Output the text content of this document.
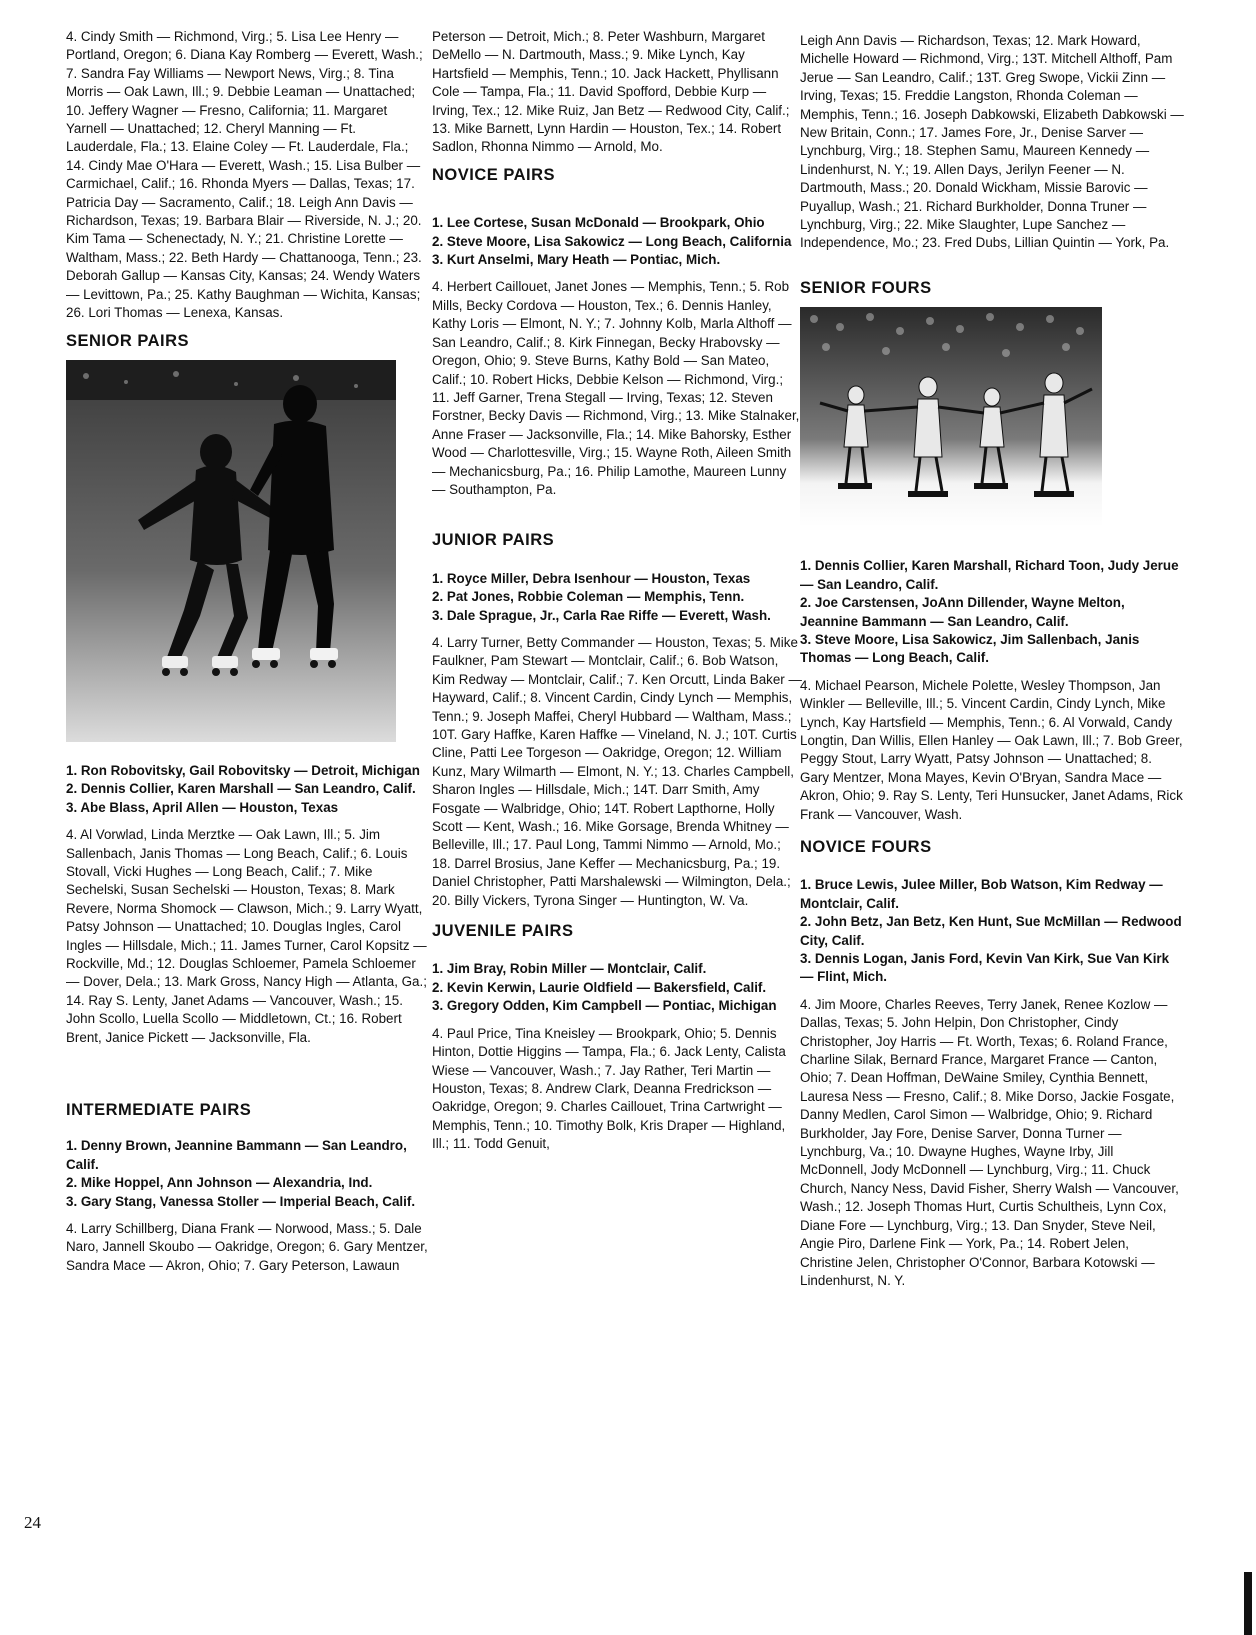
4. Cindy Smith — Richmond, Virg.; 5. Lisa Lee Henry — Portland, Oregon; 6. Diana Kay Romberg — Everett, Wash.; 7. Sandra Fay Williams — Newport News, Virg.; 8. Tina Morris — Oak Lawn, Ill.; 9. Debbie Leaman — Unattached; 10. Jeffery Wagner — Fresno, California; 11. Margaret Yarnell — Unattached; 12. Cheryl Manning — Ft. Lauderdale, Fla.; 13. Elaine Coley — Ft. Lauderdale, Fla.; 14. Cindy Mae O'Hara — Everett, Wash.; 15. Lisa Bulber — Carmichael, Calif.; 16. Rhonda Myers — Dallas, Texas; 17. Patricia Day — Sacramento, Calif.; 18. Leigh Ann Davis — Richardson, Texas; 19. Barbara Blair — Riverside, N. J.; 20. Kim Tama — Schenectady, N. Y.; 21. Christine Lorette — Waltham, Mass.; 22. Beth Hardy — Chattanooga, Tenn.; 23. Deborah Gallup — Kansas City, Kansas; 24. Wendy Waters — Levittown, Pa.; 25. Kathy Baughman — Wichita, Kansas; 26. Lori Thomas — Lenexa, Kansas.

SENIOR PAIRS

1. Ron Robovitsky, Gail Robovitsky — Detroit, Michigan

2. Dennis Collier, Karen Marshall — San Leandro, Calif.

3. Abe Blass, April Allen — Houston, Texas

4. Al Vorwlad, Linda Merztke — Oak Lawn, Ill.; 5. Jim Sallenbach, Janis Thomas — Long Beach, Calif.; 6. Louis Stovall, Vicki Hughes — Long Beach, Calif.; 7. Mike Sechelski, Susan Sechelski — Houston, Texas; 8. Mark Revere, Norma Shomock — Clawson, Mich.; 9. Larry Wyatt, Patsy Johnson — Unattached; 10. Douglas Ingles, Carol Ingles — Hillsdale, Mich.; 11. James Turner, Carol Kopsitz — Rockville, Md.; 12. Douglas Schloemer, Pamela Schloemer — Dover, Dela.; 13. Mark Gross, Nancy High — Atlanta, Ga.; 14. Ray S. Lenty, Janet Adams — Vancouver, Wash.; 15. John Scollo, Luella Scollo — Middletown, Ct.; 16. Robert Brent, Janice Pickett — Jacksonville, Fla.

INTERMEDIATE PAIRS

1. Denny Brown, Jeannine Bammann — San Leandro, Calif.

2. Mike Hoppel, Ann Johnson — Alexandria, Ind.

3. Gary Stang, Vanessa Stoller — Imperial Beach, Calif.

4. Larry Schillberg, Diana Frank — Norwood, Mass.; 5. Dale Naro, Jannell Skoubo — Oakridge, Oregon; 6. Gary Mentzer, Sandra Mace — Akron, Ohio; 7. Gary Peterson, Lawaun

Peterson — Detroit, Mich.; 8. Peter Washburn, Margaret DeMello — N. Dartmouth, Mass.; 9. Mike Lynch, Kay Hartsfield — Memphis, Tenn.; 10. Jack Hackett, Phyllisann Cole — Tampa, Fla.; 11. David Spofford, Debbie Kurp — Irving, Tex.; 12. Mike Ruiz, Jan Betz — Redwood City, Calif.; 13. Mike Barnett, Lynn Hardin — Houston, Tex.; 14. Robert Sadlon, Rhonna Nimmo — Arnold, Mo.

NOVICE PAIRS

1. Lee Cortese, Susan McDonald — Brookpark, Ohio

2. Steve Moore, Lisa Sakowicz — Long Beach, California

3. Kurt Anselmi, Mary Heath — Pontiac, Mich.

4. Herbert Caillouet, Janet Jones — Memphis, Tenn.; 5. Rob Mills, Becky Cordova — Houston, Tex.; 6. Dennis Hanley, Kathy Loris — Elmont, N. Y.; 7. Johnny Kolb, Marla Althoff — San Leandro, Calif.; 8. Kirk Finnegan, Becky Hrabovsky — Oregon, Ohio; 9. Steve Burns, Kathy Bold — San Mateo, Calif.; 10. Robert Hicks, Debbie Kelson — Richmond, Virg.; 11. Jeff Garner, Trena Stegall — Irving, Texas; 12. Steven Forstner, Becky Davis — Richmond, Virg.; 13. Mike Stalnaker, Anne Fraser — Jacksonville, Fla.; 14. Mike Bahorsky, Esther Wood — Charlottesville, Virg.; 15. Wayne Roth, Aileen Smith — Mechanicsburg, Pa.; 16. Philip Lamothe, Maureen Lunny — Southampton, Pa.

JUNIOR PAIRS

1. Royce Miller, Debra Isenhour — Houston, Texas

2. Pat Jones, Robbie Coleman — Memphis, Tenn.

3. Dale Sprague, Jr., Carla Rae Riffe — Everett, Wash.

4. Larry Turner, Betty Commander — Houston, Texas; 5. Mike Faulkner, Pam Stewart — Montclair, Calif.; 6. Bob Watson, Kim Redway — Montclair, Calif.; 7. Ken Orcutt, Linda Baker — Hayward, Calif.; 8. Vincent Cardin, Cindy Lynch — Memphis, Tenn.; 9. Joseph Maffei, Cheryl Hubbard — Waltham, Mass.; 10T. Gary Haffke, Karen Haffke — Vineland, N. J.; 10T. Curtis Cline, Patti Lee Torgeson — Oakridge, Oregon; 12. William Kunz, Mary Wilmarth — Elmont, N. Y.; 13. Charles Campbell, Sharon Ingles — Hillsdale, Mich.; 14T. Darr Smith, Amy Fosgate — Walbridge, Ohio; 14T. Robert Lapthorne, Holly Scott — Kent, Wash.; 16. Mike Gorsage, Brenda Whitney — Belleville, Ill.; 17. Paul Long, Tammi Nimmo — Arnold, Mo.; 18. Darrel Brosius, Jane Keffer — Mechanicsburg, Pa.; 19. Daniel Christopher, Patti Marshalewski — Wilmington, Dela.; 20. Billy Vickers, Tyrona Singer — Huntington, W. Va.

JUVENILE PAIRS

1. Jim Bray, Robin Miller — Montclair, Calif.

2. Kevin Kerwin, Laurie Oldfield — Bakersfield, Calif.

3. Gregory Odden, Kim Campbell — Pontiac, Michigan

4. Paul Price, Tina Kneisley — Brookpark, Ohio; 5. Dennis Hinton, Dottie Higgins — Tampa, Fla.; 6. Jack Lenty, Calista Wiese — Vancouver, Wash.; 7. Jay Rather, Teri Martin — Houston, Texas; 8. Andrew Clark, Deanna Fredrickson — Oakridge, Oregon; 9. Charles Caillouet, Trina Cartwright — Memphis, Tenn.; 10. Timothy Bolk, Kris Draper — Highland, Ill.; 11. Todd Genuit,

Leigh Ann Davis — Richardson, Texas; 12. Mark Howard, Michelle Howard — Richmond, Virg.; 13T. Mitchell Althoff, Pam Jerue — San Leandro, Calif.; 13T. Greg Swope, Vickii Zinn — Irving, Texas; 15. Freddie Langston, Rhonda Coleman — Memphis, Tenn.; 16. Joseph Dabkowski, Elizabeth Dabkowski — New Britain, Conn.; 17. James Fore, Jr., Denise Sarver — Lynchburg, Virg.; 18. Stephen Samu, Maureen Kennedy — Lindenhurst, N. Y.; 19. Allen Days, Jerilyn Feener — N. Dartmouth, Mass.; 20. Donald Wickham, Missie Barovic — Puyallup, Wash.; 21. Richard Burkholder, Donna Truner — Lynchburg, Virg.; 22. Mike Slaughter, Lupe Sanchez — Independence, Mo.; 23. Fred Dubs, Lillian Quintin — York, Pa.

SENIOR FOURS

1. Dennis Collier, Karen Marshall, Richard Toon, Judy Jerue — San Leandro, Calif.

2. Joe Carstensen, JoAnn Dillender, Wayne Melton, Jeannine Bammann — San Leandro, Calif.

3. Steve Moore, Lisa Sakowicz, Jim Sallenbach, Janis Thomas — Long Beach, Calif.

4. Michael Pearson, Michele Polette, Wesley Thompson, Jan Winkler — Belleville, Ill.; 5. Vincent Cardin, Cindy Lynch, Mike Lynch, Kay Hartsfield — Memphis, Tenn.; 6. Al Vorwald, Candy Longtin, Dan Willis, Ellen Hanley — Oak Lawn, Ill.; 7. Bob Greer, Peggy Stout, Larry Wyatt, Patsy Johnson — Unattached; 8. Gary Mentzer, Mona Mayes, Kevin O'Bryan, Sandra Mace — Akron, Ohio; 9. Ray S. Lenty, Teri Hunsucker, Janet Adams, Rick Frank — Vancouver, Wash.

NOVICE FOURS

1. Bruce Lewis, Julee Miller, Bob Watson, Kim Redway — Montclair, Calif.

2. John Betz, Jan Betz, Ken Hunt, Sue McMillan — Redwood City, Calif.

3. Dennis Logan, Janis Ford, Kevin Van Kirk, Sue Van Kirk — Flint, Mich.

4. Jim Moore, Charles Reeves, Terry Janek, Renee Kozlow — Dallas, Texas; 5. John Helpin, Don Christopher, Cindy Christopher, Joy Harris — Ft. Worth, Texas; 6. Roland France, Charline Silak, Bernard France, Margaret France — Canton, Ohio; 7. Dean Hoffman, DeWaine Smiley, Cynthia Bennett, Lauresa Ness — Fresno, Calif.; 8. Mike Dorso, Jackie Fosgate, Danny Medlen, Carol Simon — Walbridge, Ohio; 9. Richard Burkholder, Jay Fore, Denise Sarver, Donna Turner — Lynchburg, Va.; 10. Dwayne Hughes, Wayne Irby, Jill McDonnell, Jody McDonnell — Lynchburg, Virg.; 11. Chuck Church, Nancy Ness, David Fisher, Sherry Walsh — Vancouver, Wash.; 12. Joseph Thomas Hurt, Curtis Schultheis, Lynn Cox, Diane Fore — Lynchburg, Virg.; 13. Dan Snyder, Steve Neil, Angie Piro, Darlene Fink — York, Pa.; 14. Robert Jelen, Christine Jelen, Christopher O'Connor, Barbara Kotowski — Lindenhurst, N. Y.

24
